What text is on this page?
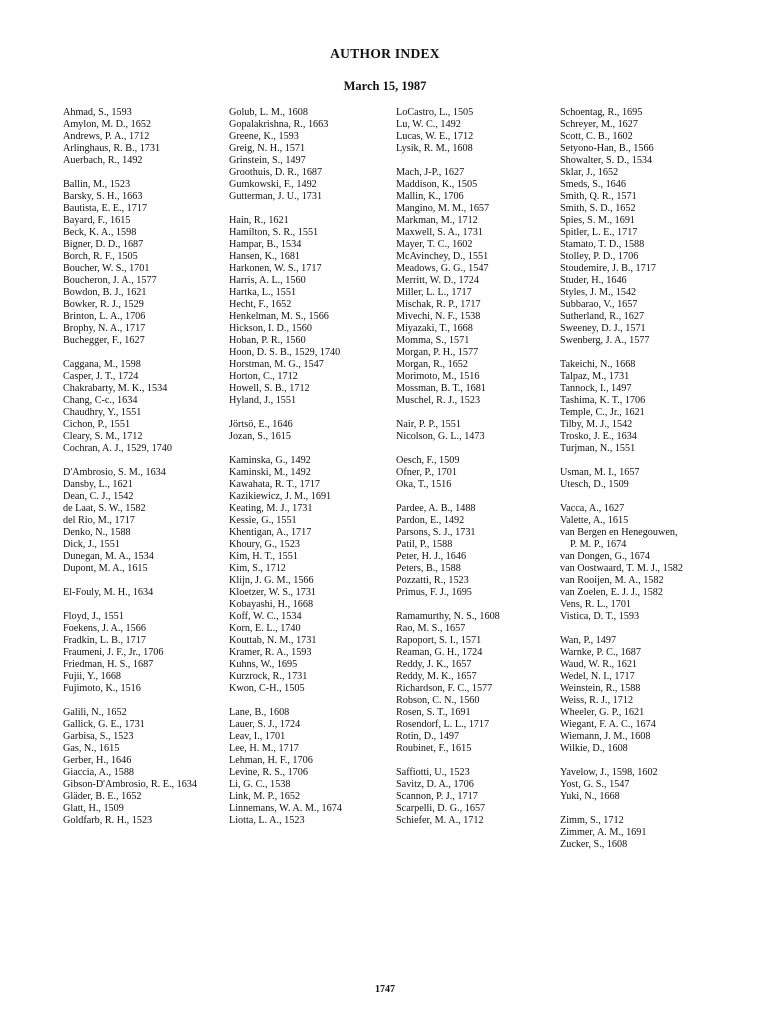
AUTHOR INDEX
March 15, 1987
Ahmad, S., 1593
Amylon, M. D., 1652
Andrews, P. A., 1712
Arlinghaus, R. B., 1731
Auerbach, R., 1492
Ballin, M., 1523
Barsky, S. H., 1663
Bautista, E. E., 1717
Bayard, F., 1615
Beck, K. A., 1598
Bigner, D. D., 1687
Borch, R. F., 1505
Boucher, W. S., 1701
Boucheron, J. A., 1577
Bowdon, B. J., 1621
Bowker, R. J., 1529
Brinton, L. A., 1706
Brophy, N. A., 1717
Buchegger, F., 1627
Caggana, M., 1598
Casper, J. T., 1724
Chakrabarty, M. K., 1534
Chang, C-c., 1634
Chaudhry, Y., 1551
Cichon, P., 1551
Cleary, S. M., 1712
Cochran, A. J., 1529, 1740
D'Ambrosio, S. M., 1634
Dansby, L., 1621
Dean, C. J., 1542
de Laat, S. W., 1582
del Rio, M., 1717
Denko, N., 1588
Dick, J., 1551
Dunegan, M. A., 1534
Dupont, M. A., 1615
El-Fouly, M. H., 1634
Floyd, J., 1551
Foekens, J. A., 1566
Fradkin, L. B., 1717
Fraumeni, J. F., Jr., 1706
Friedman, H. S., 1687
Fujii, Y., 1668
Fujimoto, K., 1516
Galili, N., 1652
Gallick, G. E., 1731
Garbisa, S., 1523
Gas, N., 1615
Gerber, H., 1646
Giaccia, A., 1588
Gibson-D'Ambrosio, R. E., 1634
Gläder, B. E., 1652
Glatt, H., 1509
Goldfarb, R. H., 1523
Golub, L. M., 1608
Gopalakrishna, R., 1663
Greene, K., 1593
Greig, N. H., 1571
Grinstein, S., 1497
Groothuis, D. R., 1687
Gumkowski, F., 1492
Gutterman, J. U., 1731
Hain, R., 1621
Hamilton, S. R., 1551
Hampar, B., 1534
Hansen, K., 1681
Harkonen, W. S., 1717
Harris, A. L., 1560
Hartka, L., 1551
Hecht, F., 1652
Henkelman, M. S., 1566
Hickson, I. D., 1560
Hoban, P. R., 1560
Hoon, D. S. B., 1529, 1740
Horstman, M. G., 1547
Horton, C., 1712
Howell, S. B., 1712
Hyland, J., 1551
Jörtsö, E., 1646
Jozan, S., 1615
Kaminska, G., 1492
Kaminski, M., 1492
Kawahata, R. T., 1717
Kazikiewicz, J. M., 1691
Keating, M. J., 1731
Kessie, G., 1551
Khentigan, A., 1717
Khoury, G., 1523
Kim, H. T., 1551
Kim, S., 1712
Klijn, J. G. M., 1566
Kloetzer, W. S., 1731
Kobayashi, H., 1668
Koff, W. C., 1534
Korn, E. L., 1740
Kouttab, N. M., 1731
Kramer, R. A., 1593
Kuhns, W., 1695
Kurzrock, R., 1731
Kwon, C-H., 1505
Lane, B., 1608
Lauer, S. J., 1724
Leav, I., 1701
Lee, H. M., 1717
Lehman, H. F., 1706
Levine, R. S., 1706
Li, G. C., 1538
Link, M. P., 1652
Linnemans, W. A. M., 1674
Liotta, L. A., 1523
LoCastro, L., 1505
Lu, W. C., 1492
Lucas, W. E., 1712
Lysik, R. M., 1608
Mach, J-P., 1627
Maddison, K., 1505
Mallin, K., 1706
Mangino, M. M., 1657
Markman, M., 1712
Maxwell, S. A., 1731
Mayer, T. C., 1602
McAvinchey, D., 1551
Meadows, G. G., 1547
Merritt, W. D., 1724
Miller, L. L., 1717
Mischak, R. P., 1717
Mivechi, N. F., 1538
Miyazaki, T., 1668
Momma, S., 1571
Morgan, P. H., 1577
Morgan, R., 1652
Morimoto, M., 1516
Mossman, B. T., 1681
Muschel, R. J., 1523
Nair, P. P., 1551
Nicolson, G. L., 1473
Oesch, F., 1509
Ofner, P., 1701
Oka, T., 1516
Pardee, A. B., 1488
Pardon, E., 1492
Parsons, S. J., 1731
Patil, P., 1588
Peter, H. J., 1646
Peters, B., 1588
Pozzatti, R., 1523
Primus, F. J., 1695
Ramamurthy, N. S., 1608
Rao, M. S., 1657
Rapoport, S. I., 1571
Reaman, G. H., 1724
Reddy, J. K., 1657
Reddy, M. K., 1657
Richardson, F. C., 1577
Robson, C. N., 1560
Rosen, S. T., 1691
Rosendorf, L. L., 1717
Rotin, D., 1497
Roubinet, F., 1615
Saffiotti, U., 1523
Savitz, D. A., 1706
Scannon, P. J., 1717
Scarpelli, D. G., 1657
Schiefer, M. A., 1712
Schoentag, R., 1695
Schreyer, M., 1627
Scott, C. B., 1602
Setyono-Han, B., 1566
Showalter, S. D., 1534
Sklar, J., 1652
Smeds, S., 1646
Smith, Q. R., 1571
Smith, S. D., 1652
Spies, S. M., 1691
Spitler, L. E., 1717
Stamato, T. D., 1588
Stolley, P. D., 1706
Stoudemire, J. B., 1717
Studer, H., 1646
Styles, J. M., 1542
Subbarao, V., 1657
Sutherland, R., 1627
Sweeney, D. J., 1571
Swenberg, J. A., 1577
Takeichi, N., 1668
Talpaz, M., 1731
Tannock, I., 1497
Tashima, K. T., 1706
Temple, C., Jr., 1621
Tilby, M. J., 1542
Trosko, J. E., 1634
Turjman, N., 1551
Usman, M. I., 1657
Utesch, D., 1509
Vacca, A., 1627
Valette, A., 1615
van Bergen en Henegouwen,
P. M. P., 1674
van Dongen, G., 1674
van Oostwaard, T. M. J., 1582
van Rooijen, M. A., 1582
van Zoelen, E. J. J., 1582
Vens, R. L., 1701
Visticа, D. T., 1593
Wan, P., 1497
Warnke, P. C., 1687
Waud, W. R., 1621
Wedel, N. I., 1717
Weinstein, R., 1588
Weiss, R. J., 1712
Wheeler, G. P., 1621
Wiegant, F. A. C., 1674
Wiemann, J. M., 1608
Wilkie, D., 1608
Yavelow, J., 1598, 1602
Yost, G. S., 1547
Yuki, N., 1668
Zimm, S., 1712
Zimmer, A. M., 1691
Zucker, S., 1608
1747
